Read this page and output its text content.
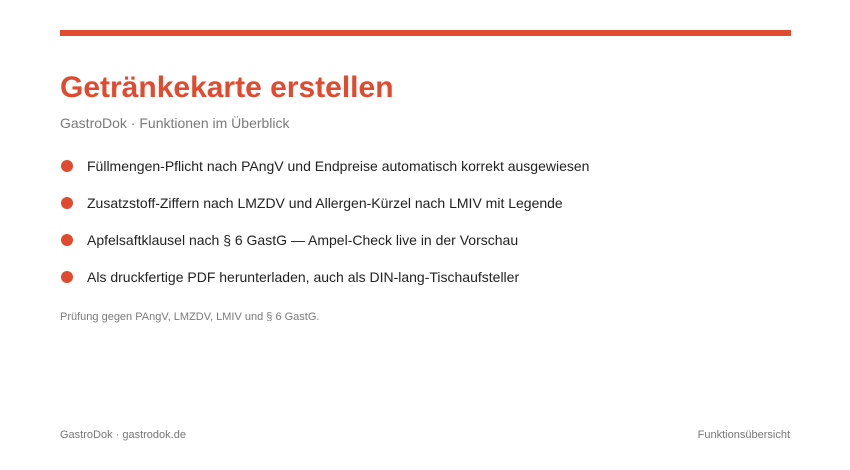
Getränkekarte erstellen
GastroDok · Funktionen im Überblick
Füllmengen-Pflicht nach PAngV und Endpreise automatisch korrekt ausgewiesen
Zusatzstoff-Ziffern nach LMZDV und Allergen-Kürzel nach LMIV mit Legende
Apfelsaftklausel nach § 6 GastG — Ampel-Check live in der Vorschau
Als druckfertige PDF herunterladen, auch als DIN-lang-Tischaufsteller
Prüfung gegen PAngV, LMZDV, LMIV und § 6 GastG.
GastroDok · gastrodok.de	Funktionsübersicht
